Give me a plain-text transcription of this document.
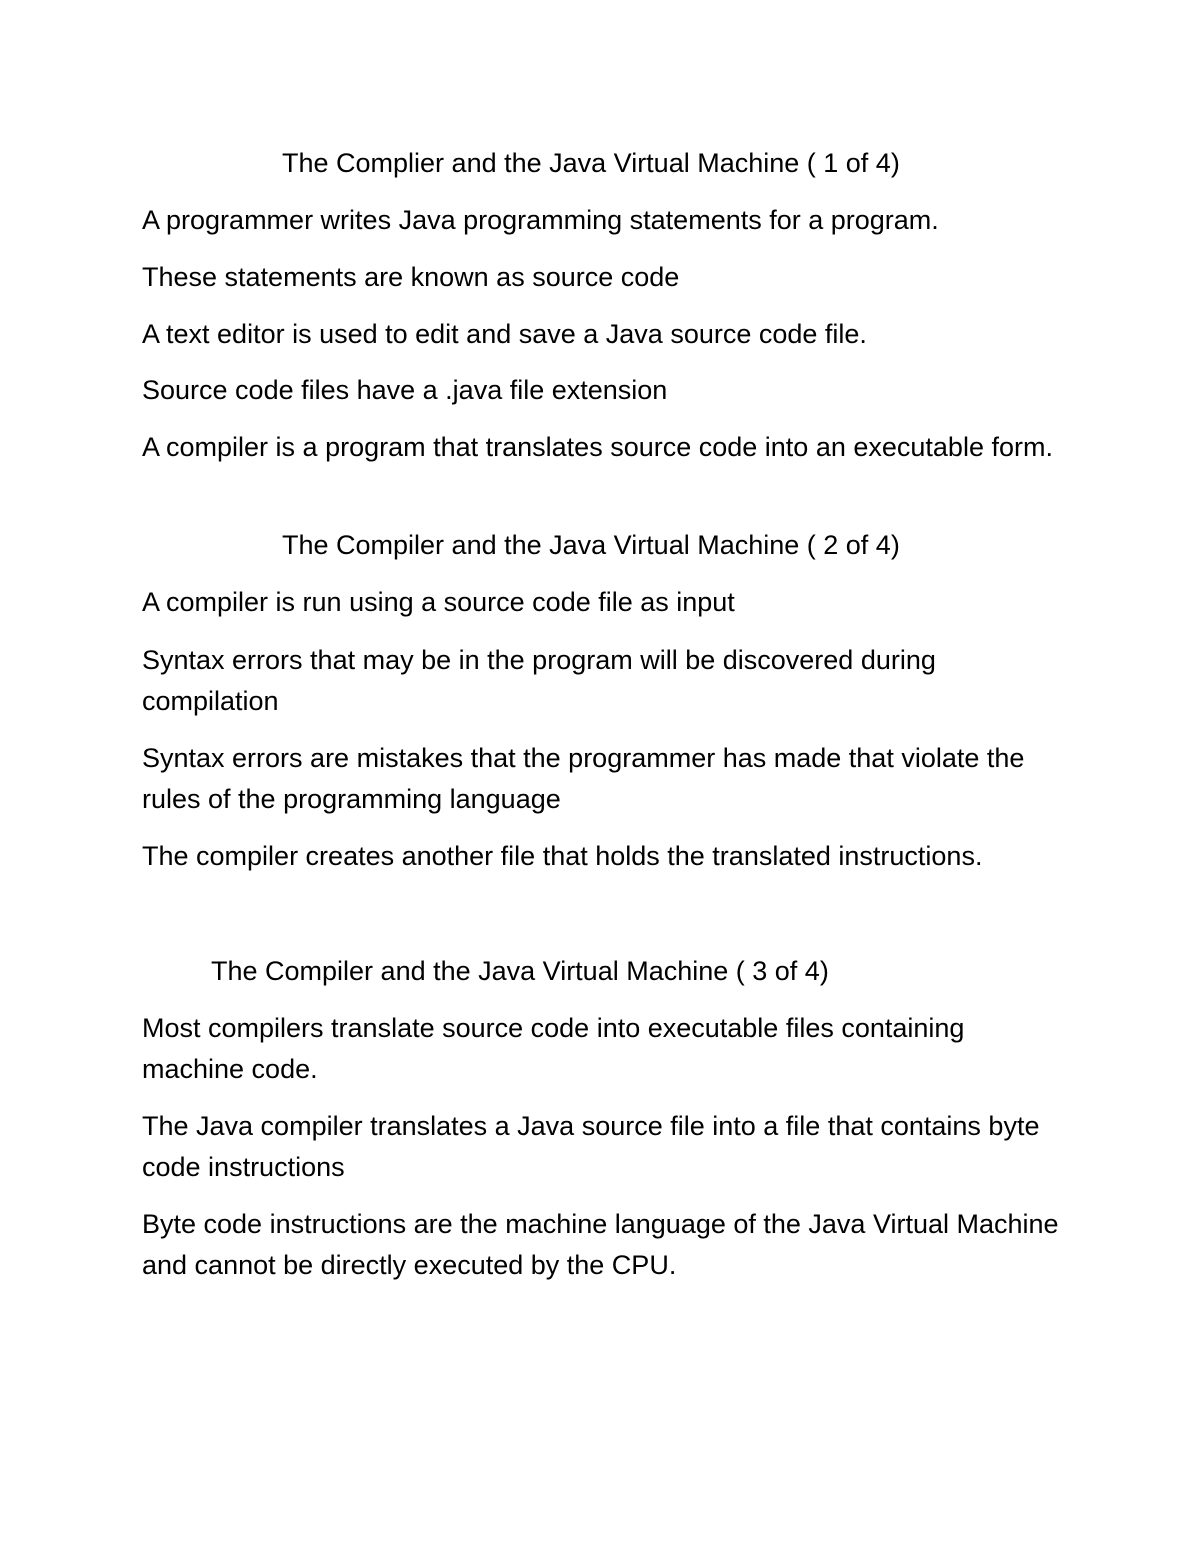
The Complier and the Java Virtual Machine ( 1 of 4)

A programmer writes Java programming statements for a program.

These statements are known as source code

A text editor is used to edit and save a Java source code file.

Source code files have a .java file extension

A compiler is a program that translates source code into an executable form.

The Compiler and the Java Virtual Machine ( 2 of 4)

A compiler is run using a source code file as input

Syntax errors that may be in the program will be discovered during compilation

Syntax errors are mistakes that the programmer has made that violate the rules of the programming language

The compiler creates another file that holds the translated instructions.

The Compiler and the Java Virtual Machine ( 3 of 4)

Most compilers translate source code into executable files containing machine code.

The Java compiler translates a Java source file into a file that contains byte code instructions

Byte code instructions are the machine language of the Java Virtual Machine and cannot be directly executed by the CPU.
